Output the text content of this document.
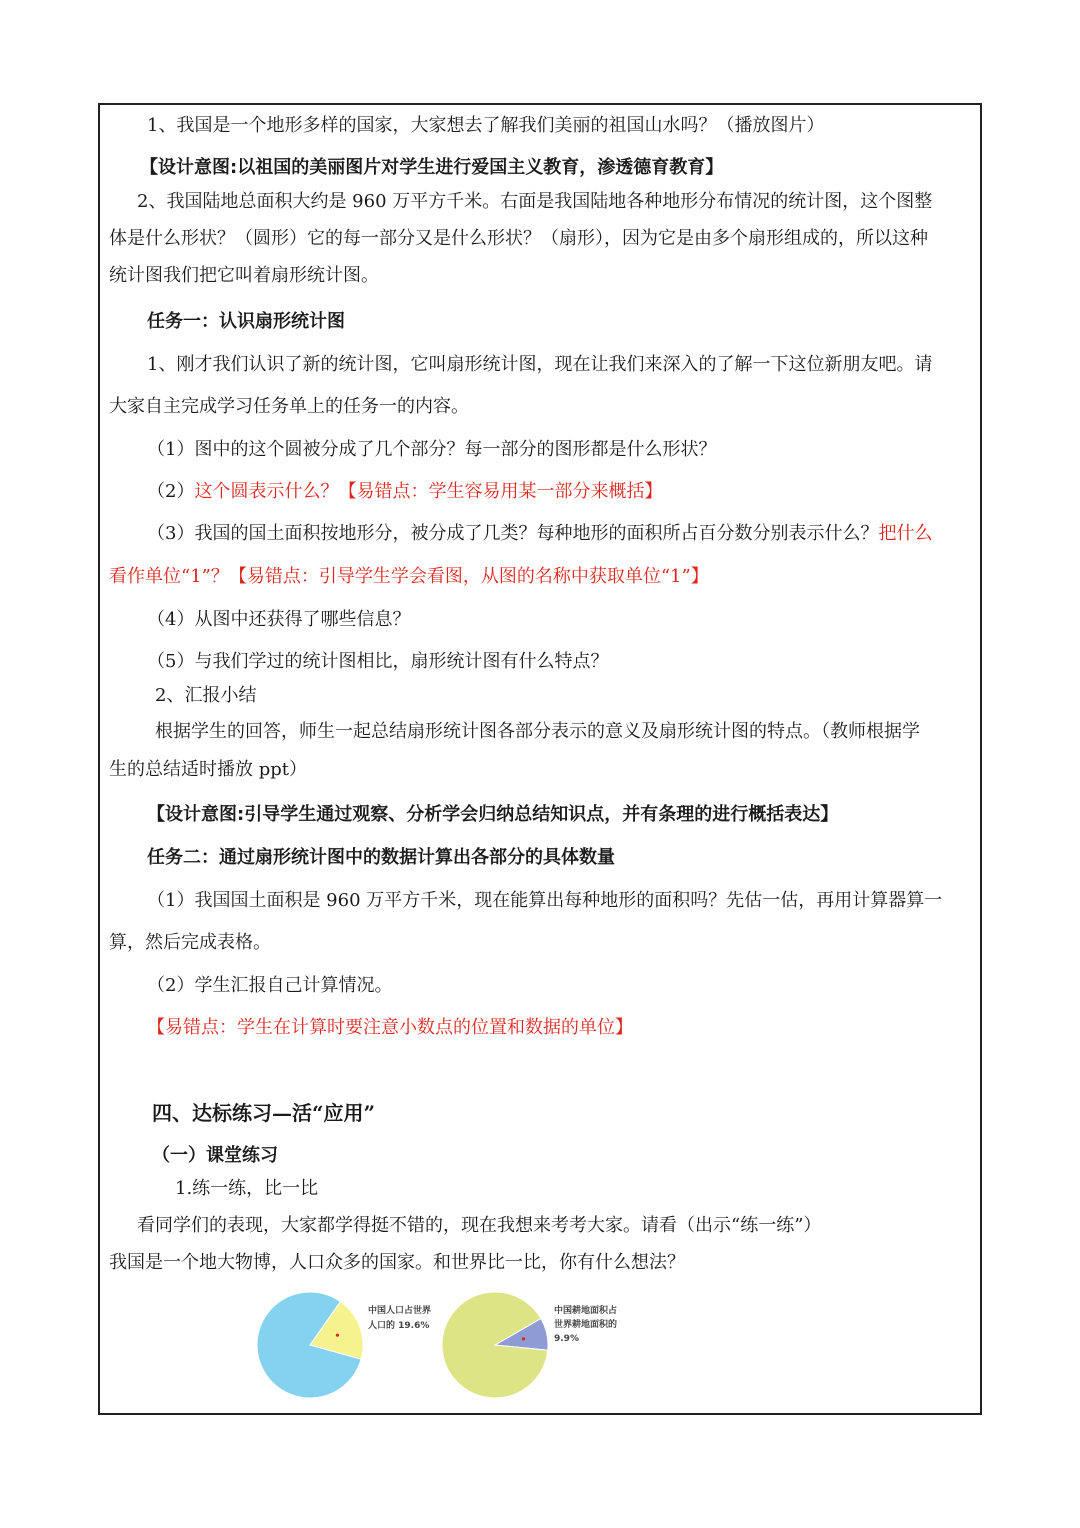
1、我国是一个地形多样的国家，大家想去了解我们美丽的祖国山水吗？（播放图片）
【设计意图:以祖国的美丽图片对学生进行爱国主义教育，渗透德育教育】
2、我国陆地总面积大约是 960 万平方千米。右面是我国陆地各种地形分布情况的统计图，这个图整
体是什么形状？（圆形）它的每一部分又是什么形状？（扇形），因为它是由多个扇形组成的，所以这种
统计图我们把它叫着扇形统计图。
任务一：认识扇形统计图
1、刚才我们认识了新的统计图，它叫扇形统计图，现在让我们来深入的了解一下这位新朋友吧。请
大家自主完成学习任务单上的任务一的内容。
（1）图中的这个圆被分成了几个部分？每一部分的图形都是什么形状？
（2）这个圆表示什么？【易错点：学生容易用某一部分来概括】
（3）我国的国土面积按地形分，被分成了几类？每种地形的面积所占百分数分别表示什么？把什么
看作单位“1”？【易错点：引导学生学会看图，从图的名称中获取单位“1”】
（4）从图中还获得了哪些信息？
（5）与我们学过的统计图相比，扇形统计图有什么特点？
2、汇报小结
根据学生的回答，师生一起总结扇形统计图各部分表示的意义及扇形统计图的特点。（教师根据学
生的总结适时播放 ppt）
【设计意图:引导学生通过观察、分析学会归纳总结知识点，并有条理的进行概括表达】
任务二：通过扇形统计图中的数据计算出各部分的具体数量
（1）我国国土面积是 960 万平方千米，现在能算出每种地形的面积吗？先估一估，再用计算器算一
算，然后完成表格。
（2）学生汇报自己计算情况。
【易错点：学生在计算时要注意小数点的位置和数据的单位】
四、达标练习—活“应用”
（一）课堂练习
1.练一练，比一比
看同学们的表现，大家都学得挺不错的，现在我想来考考大家。请看（出示“练一练”）
我国是一个地大物博，人口众多的国家。和世界比一比，你有什么想法？
中国人口占世界
人口的 19.6%
中国耕地面积占
世界耕地面积的
9.9%
